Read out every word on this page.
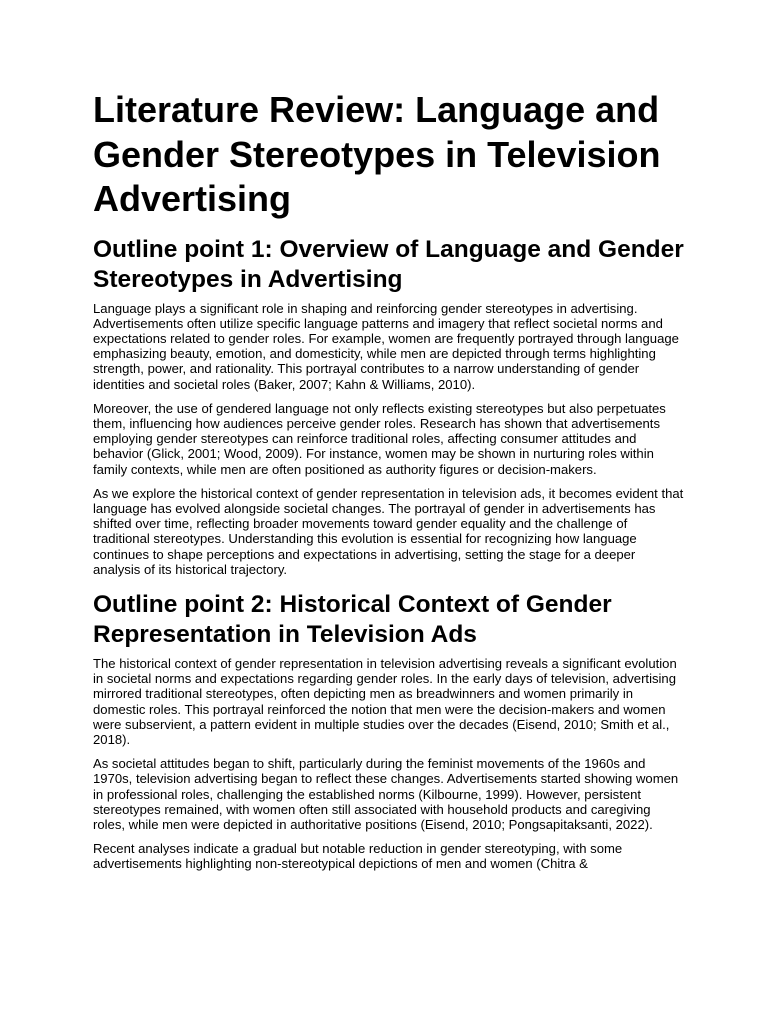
Literature Review: Language and Gender Stereotypes in Television Advertising
Outline point 1: Overview of Language and Gender Stereotypes in Advertising

Language plays a significant role in shaping and reinforcing gender stereotypes in advertising. Advertisements often utilize specific language patterns and imagery that reflect societal norms and expectations related to gender roles. For example, women are frequently portrayed through language emphasizing beauty, emotion, and domesticity, while men are depicted through terms highlighting strength, power, and rationality. This portrayal contributes to a narrow understanding of gender identities and societal roles (Baker, 2007; Kahn & Williams, 2010).

Moreover, the use of gendered language not only reflects existing stereotypes but also perpetuates them, influencing how audiences perceive gender roles. Research has shown that advertisements employing gender stereotypes can reinforce traditional roles, affecting consumer attitudes and behavior (Glick, 2001; Wood, 2009). For instance, women may be shown in nurturing roles within family contexts, while men are often positioned as authority figures or decision-makers.

As we explore the historical context of gender representation in television ads, it becomes evident that language has evolved alongside societal changes. The portrayal of gender in advertisements has shifted over time, reflecting broader movements toward gender equality and the challenge of traditional stereotypes. Understanding this evolution is essential for recognizing how language continues to shape perceptions and expectations in advertising, setting the stage for a deeper analysis of its historical trajectory.

Outline point 2: Historical Context of Gender Representation in Television Ads

The historical context of gender representation in television advertising reveals a significant evolution in societal norms and expectations regarding gender roles. In the early days of television, advertising mirrored traditional stereotypes, often depicting men as breadwinners and women primarily in domestic roles. This portrayal reinforced the notion that men were the decision-makers and women were subservient, a pattern evident in multiple studies over the decades (Eisend, 2010; Smith et al., 2018).

As societal attitudes began to shift, particularly during the feminist movements of the 1960s and 1970s, television advertising began to reflect these changes. Advertisements started showing women in professional roles, challenging the established norms (Kilbourne, 1999). However, persistent stereotypes remained, with women often still associated with household products and caregiving roles, while men were depicted in authoritative positions (Eisend, 2010; Pongsapitaksanti, 2022).

Recent analyses indicate a gradual but notable reduction in gender stereotyping, with some advertisements highlighting non-stereotypical depictions of men and women (Chitra &
